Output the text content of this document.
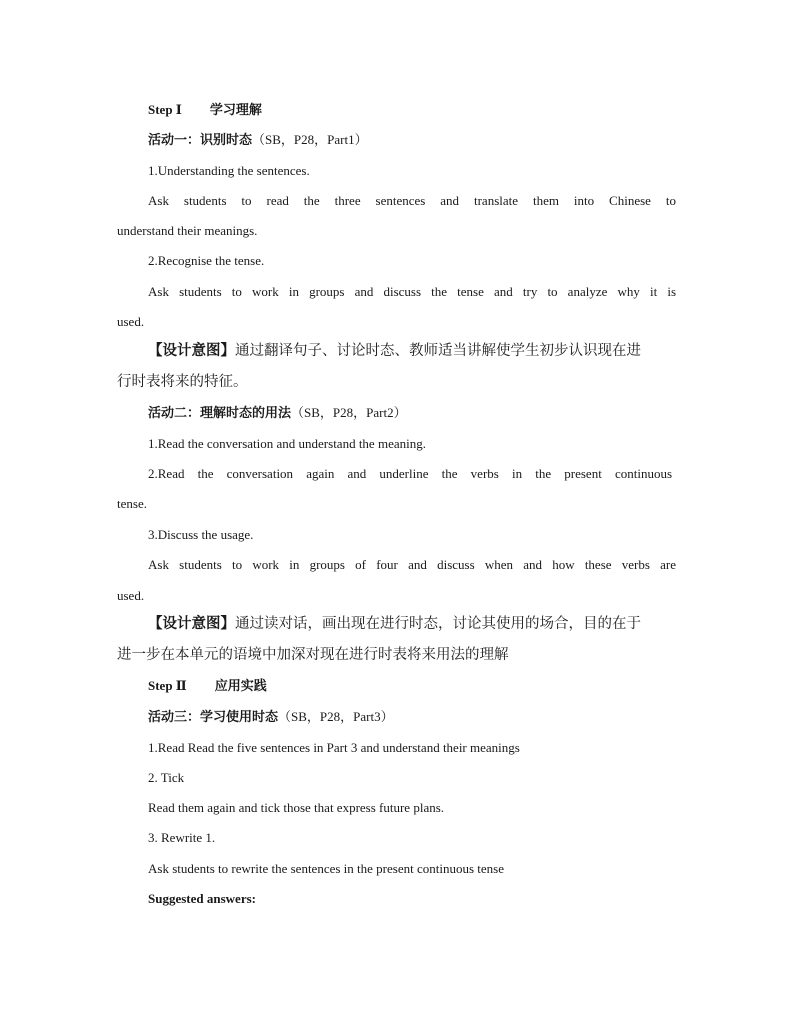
Step Ⅰ 学习理解
活动一：识别时态（SB，P28，Part1）
1.Understanding the sentences.
Ask students to read the three sentences and translate them into Chinese to
understand their meanings.
2.Recognise the tense.
Ask students to work in groups and discuss the tense and try to analyze why it is
used.
【设计意图】通过翻译句子、讨论时态、教师适当讲解使学生初步认识现在进
行时表将来的特征。
活动二：理解时态的用法（SB，P28，Part2）
1.Read the conversation and understand the meaning.
2.Read the conversation again and underline the verbs in the present continuous
tense.
3.Discuss the usage.
Ask students to work in groups of four and discuss when and how these verbs are
used.
【设计意图】通过读对话，画出现在进行时态，讨论其使用的场合，目的在于
进一步在本单元的语境中加深对现在进行时表将来用法的理解
Step Ⅱ 应用实践
活动三：学习使用时态（SB，P28，Part3）
1.Read Read the five sentences in Part 3 and understand their meanings
2. Tick
Read them again and tick those that express future plans.
3. Rewrite 1.
Ask students to rewrite the sentences in the present continuous tense
Suggested answers:
